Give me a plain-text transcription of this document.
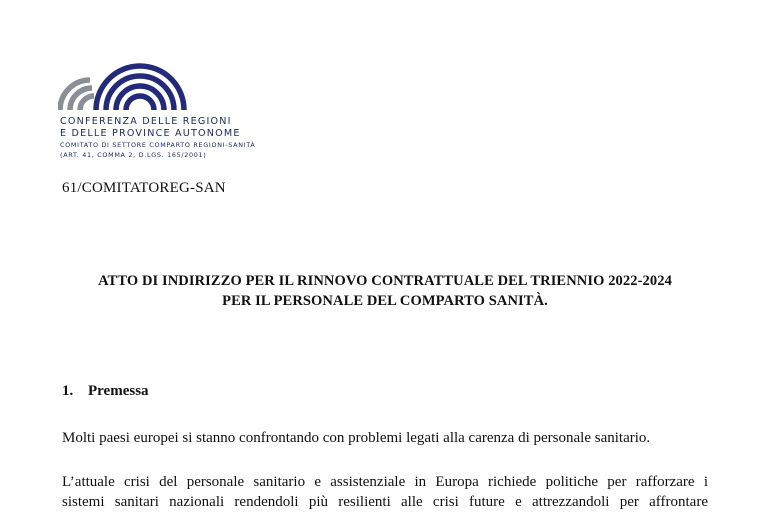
CONFERENZA DELLE REGIONI
E DELLE PROVINCE AUTONOME
COMITATO DI SETTORE COMPARTO REGIONI-SANITÀ
(ART. 41, COMMA 2, D.LGS. 165/2001)
61/COMITATOREG-SAN
ATTO DI INDIRIZZO PER IL RINNOVO CONTRATTUALE DEL TRIENNIO 2022-2024
PER IL PERSONALE DEL COMPARTO SANITÀ.
1. Premessa
Molti paesi europei si stanno confrontando con problemi legati alla carenza di personale sanitario.
L’attuale crisi del personale sanitario e assistenziale in Europa richiede politiche per rafforzare i
sistemi sanitari nazionali rendendoli più resilienti alle crisi future e attrezzandoli per affrontare
